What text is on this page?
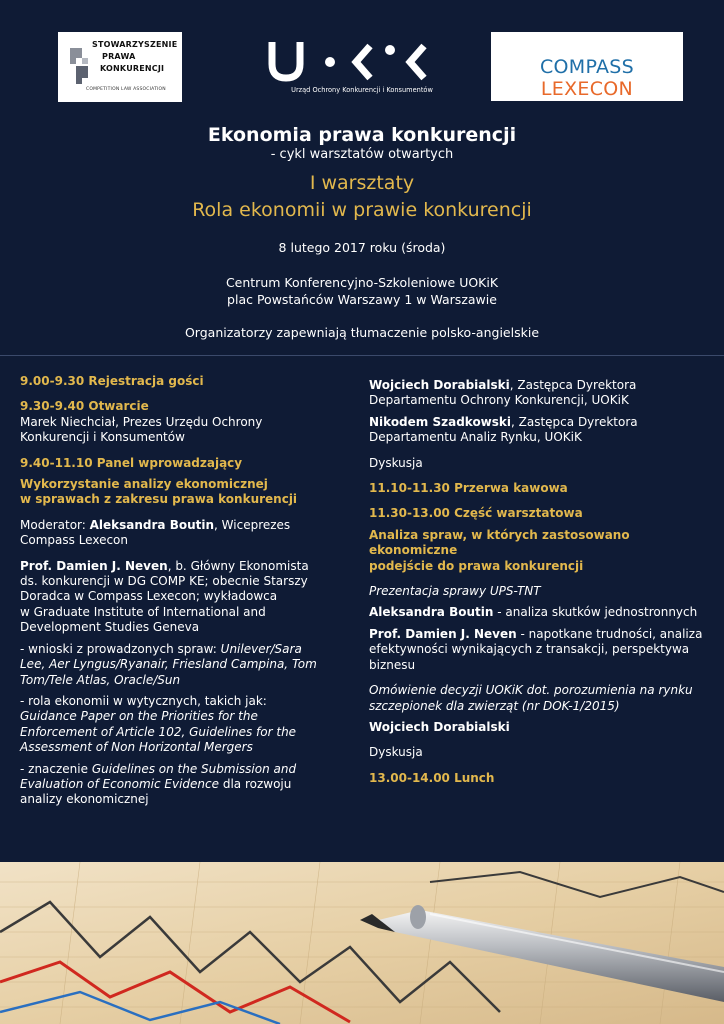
STOWARZYSZENIE
PRAWA
KONKURENCJI
COMPETITION LAW ASSOCIATION	Urząd Ochrony Konkurencji i Konsumentów
COMPASS LEXECON
Ekonomia prawa konkurencji
- cykl warsztatów otwartych
I warsztaty
Rola ekonomii w prawie konkurencji
8 lutego 2017 roku (środa)
Centrum Konferencyjno-Szkoleniowe UOKiK
plac Powstańców Warszawy 1 w Warszawie
Organizatorzy zapewniają tłumaczenie polsko-angielskie

9.00-9.30 Rejestracja gości

9.30-9.40 Otwarcie

Marek Niechciał, Prezes Urzędu Ochrony

Konkurencji i Konsumentów

9.40-11.10 Panel wprowadzający

Wykorzystanie analizy ekonomicznej

w sprawach z zakresu prawa konkurencji

Moderator: Aleksandra Boutin, Wiceprezes

Compass Lexecon

Prof. Damien J. Neven, b. Główny Ekonomista

ds. konkurencji w DG COMP KE; obecnie Starszy

Doradca w Compass Lexecon; wykładowca

w Graduate Institute of International and

Development Studies Geneva

- wnioski z prowadzonych spraw: Unilever/Sara

Lee, Aer Lyngus/Ryanair, Friesland Campina, Tom

Tom/Tele Atlas, Oracle/Sun

- rola ekonomii w wytycznych, takich jak:

Guidance Paper on the Priorities for the

Enforcement of Article 102, Guidelines for the

Assessment of Non Horizontal Mergers

- znaczenie Guidelines on the Submission and

Evaluation of Economic Evidence dla rozwoju

analizy ekonomicznej

Wojciech Dorabialski, Zastępca Dyrektora

Departamentu Ochrony Konkurencji, UOKiK

Nikodem Szadkowski, Zastępca Dyrektora

Departamentu Analiz Rynku, UOKiK

Dyskusja

11.10-11.30 Przerwa kawowa

11.30-13.00 Część warsztatowa

Analiza spraw, w których zastosowano ekonomiczne

podejście do prawa konkurencji

Prezentacja sprawy UPS-TNT

Aleksandra Boutin - analiza skutków jednostronnych

Prof. Damien J. Neven - napotkane trudności, analiza

efektywności wynikających z transakcji, perspektywa

biznesu

Omówienie decyzji UOKiK dot. porozumienia na rynku

szczepionek dla zwierząt (nr DOK-1/2015)

Wojciech Dorabialski

Dyskusja

13.00-14.00 Lunch
